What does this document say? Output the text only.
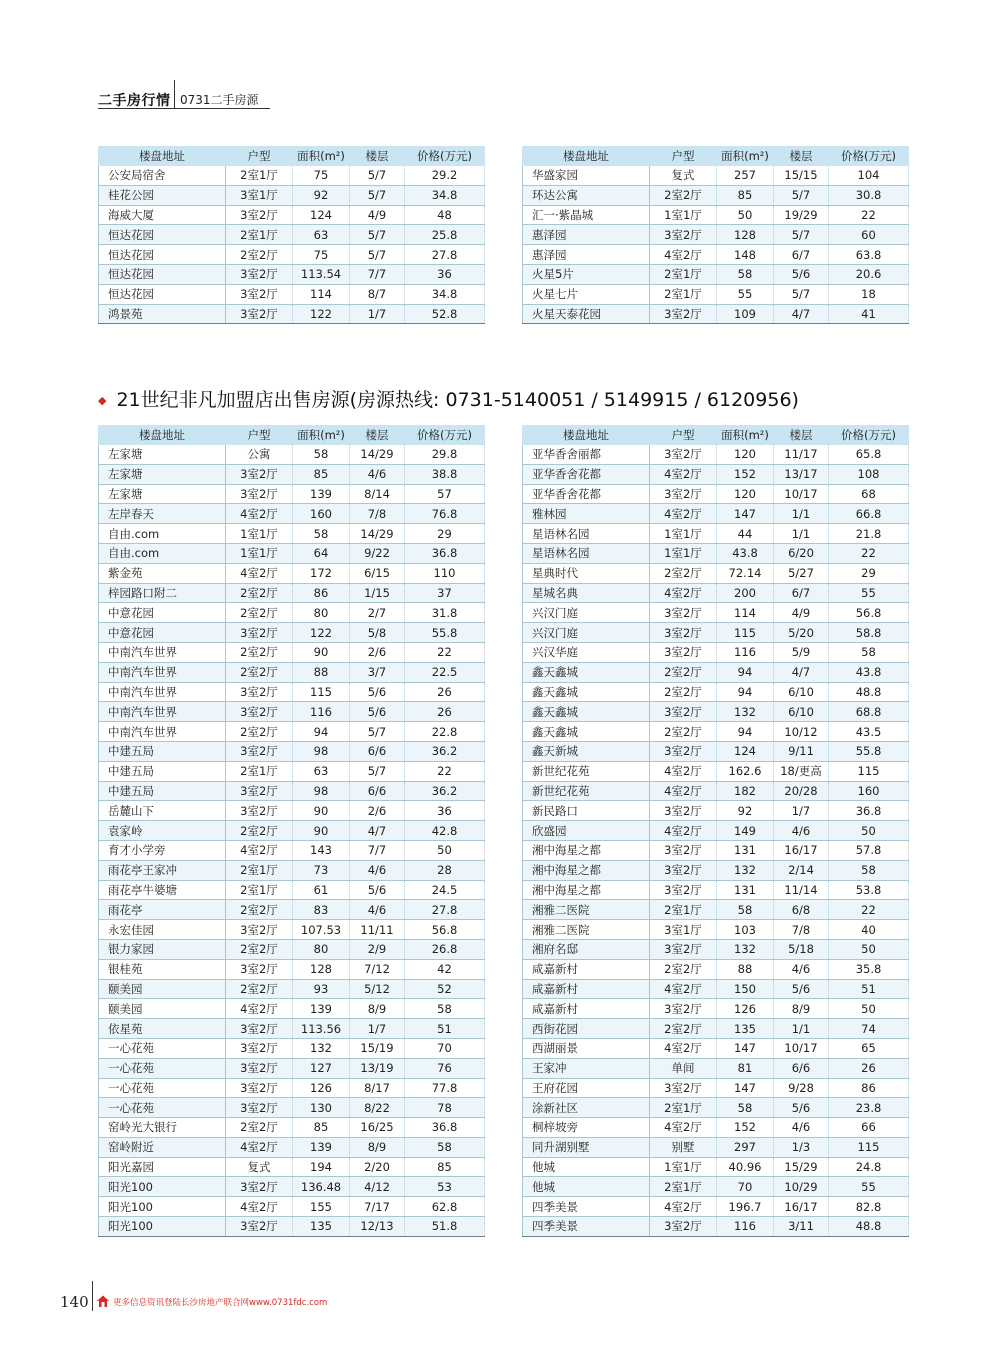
二手房行情 0731二手房源
楼盘地址	户型	面积(m²)	楼层	价格(万元)
公安局宿舍	2室1厅	75	5/7	29.2
桂花公园	3室1厅	92	5/7	34.8
海威大厦	3室2厅	124	4/9	48
恒达花园	2室1厅	63	5/7	25.8
恒达花园	2室2厅	75	5/7	27.8
恒达花园	3室2厅	113.54	7/7	36
恒达花园	3室2厅	114	8/7	34.8
鸿景苑	3室2厅	122	1/7	52.8
楼盘地址	户型	面积(m²)	楼层	价格(万元)
华盛家园	复式	257	15/15	104
环达公寓	2室2厅	85	5/7	30.8
汇一·紫晶城	1室1厅	50	19/29	22
惠泽园	3室2厅	128	5/7	60
惠泽园	4室2厅	148	6/7	63.8
火星5片	2室1厅	58	5/6	20.6
火星七片	2室1厅	55	5/7	18
火星天泰花园	3室2厅	109	4/7	41
◆ 21世纪非凡加盟店出售房源(房源热线: 0731-5140051 / 5149915 / 6120956)
楼盘地址	户型	面积(m²)	楼层	价格(万元)
左家塘	公寓	58	14/29	29.8
左家塘	3室2厅	85	4/6	38.8
左家塘	3室2厅	139	8/14	57
左岸春天	4室2厅	160	7/8	76.8
自由.com	1室1厅	58	14/29	29
自由.com	1室1厅	64	9/22	36.8
紫金苑	4室2厅	172	6/15	110
梓园路口附二	2室2厅	86	1/15	37
中意花园	2室2厅	80	2/7	31.8
中意花园	3室2厅	122	5/8	55.8
中南汽车世界	2室2厅	90	2/6	22
中南汽车世界	2室2厅	88	3/7	22.5
中南汽车世界	3室2厅	115	5/6	26
中南汽车世界	3室2厅	116	5/6	26
中南汽车世界	2室2厅	94	5/7	22.8
中建五局	3室2厅	98	6/6	36.2
中建五局	2室1厅	63	5/7	22
中建五局	3室2厅	98	6/6	36.2
岳麓山下	3室2厅	90	2/6	36
袁家岭	2室2厅	90	4/7	42.8
育才小学旁	4室2厅	143	7/7	50
雨花亭王家冲	2室1厅	73	4/6	28
雨花亭牛婆塘	2室1厅	61	5/6	24.5
雨花亭	2室2厅	83	4/6	27.8
永宏佳园	3室2厅	107.53	11/11	56.8
银力家园	2室2厅	80	2/9	26.8
银桂苑	3室2厅	128	7/12	42
颐美园	2室2厅	93	5/12	52
颐美园	4室2厅	139	8/9	58
依星苑	3室2厅	113.56	1/7	51
一心花苑	3室2厅	132	15/19	70
一心花苑	3室2厅	127	13/19	76
一心花苑	3室2厅	126	8/17	77.8
一心花苑	3室2厅	130	8/22	78
窑岭光大银行	2室2厅	85	16/25	36.8
窑岭附近	4室2厅	139	8/9	58
阳光嘉园	复式	194	2/20	85
阳光100	3室2厅	136.48	4/12	53
阳光100	4室2厅	155	7/17	62.8
阳光100	3室2厅	135	12/13	51.8
楼盘地址	户型	面积(m²)	楼层	价格(万元)
亚华香舍丽都	3室2厅	120	11/17	65.8
亚华香舍花都	4室2厅	152	13/17	108
亚华香舍花都	3室2厅	120	10/17	68
雅林园	4室2厅	147	1/1	66.8
星语林名园	1室1厅	44	1/1	21.8
星语林名园	1室1厅	43.8	6/20	22
星典时代	2室2厅	72.14	5/27	29
星城名典	4室2厅	200	6/7	55
兴汉门庭	3室2厅	114	4/9	56.8
兴汉门庭	3室2厅	115	5/20	58.8
兴汉华庭	3室2厅	116	5/9	58
鑫天鑫城	2室2厅	94	4/7	43.8
鑫天鑫城	2室2厅	94	6/10	48.8
鑫天鑫城	3室2厅	132	6/10	68.8
鑫天鑫城	2室2厅	94	10/12	43.5
鑫天新城	3室2厅	124	9/11	55.8
新世纪花苑	4室2厅	162.6	18/更高	115
新世纪花苑	4室2厅	182	20/28	160
新民路口	3室2厅	92	1/7	36.8
欣盛园	4室2厅	149	4/6	50
湘中海星之都	3室2厅	131	16/17	57.8
湘中海星之都	3室2厅	132	2/14	58
湘中海星之都	3室2厅	131	11/14	53.8
湘雅二医院	2室1厅	58	6/8	22
湘雅二医院	3室1厅	103	7/8	40
湘府名邸	3室2厅	132	5/18	50
咸嘉新村	2室2厅	88	4/6	35.8
咸嘉新村	4室2厅	150	5/6	51
咸嘉新村	3室2厅	126	8/9	50
西街花园	2室2厅	135	1/1	74
西湖丽景	4室2厅	147	10/17	65
王家冲	单间	81	6/6	26
王府花园	3室2厅	147	9/28	86
涂新社区	2室1厅	58	5/6	23.8
桐梓坡旁	4室2厅	152	4/6	66
同升湖别墅	别墅	297	1/3	115
他城	1室1厅	40.96	15/29	24.8
他城	2室1厅	70	10/29	55
四季美景	4室2厅	196.7	16/17	82.8
四季美景	3室2厅	116	3/11	48.8
140	更多信息资讯登陆长沙房地产联合网www.0731fdc.com
